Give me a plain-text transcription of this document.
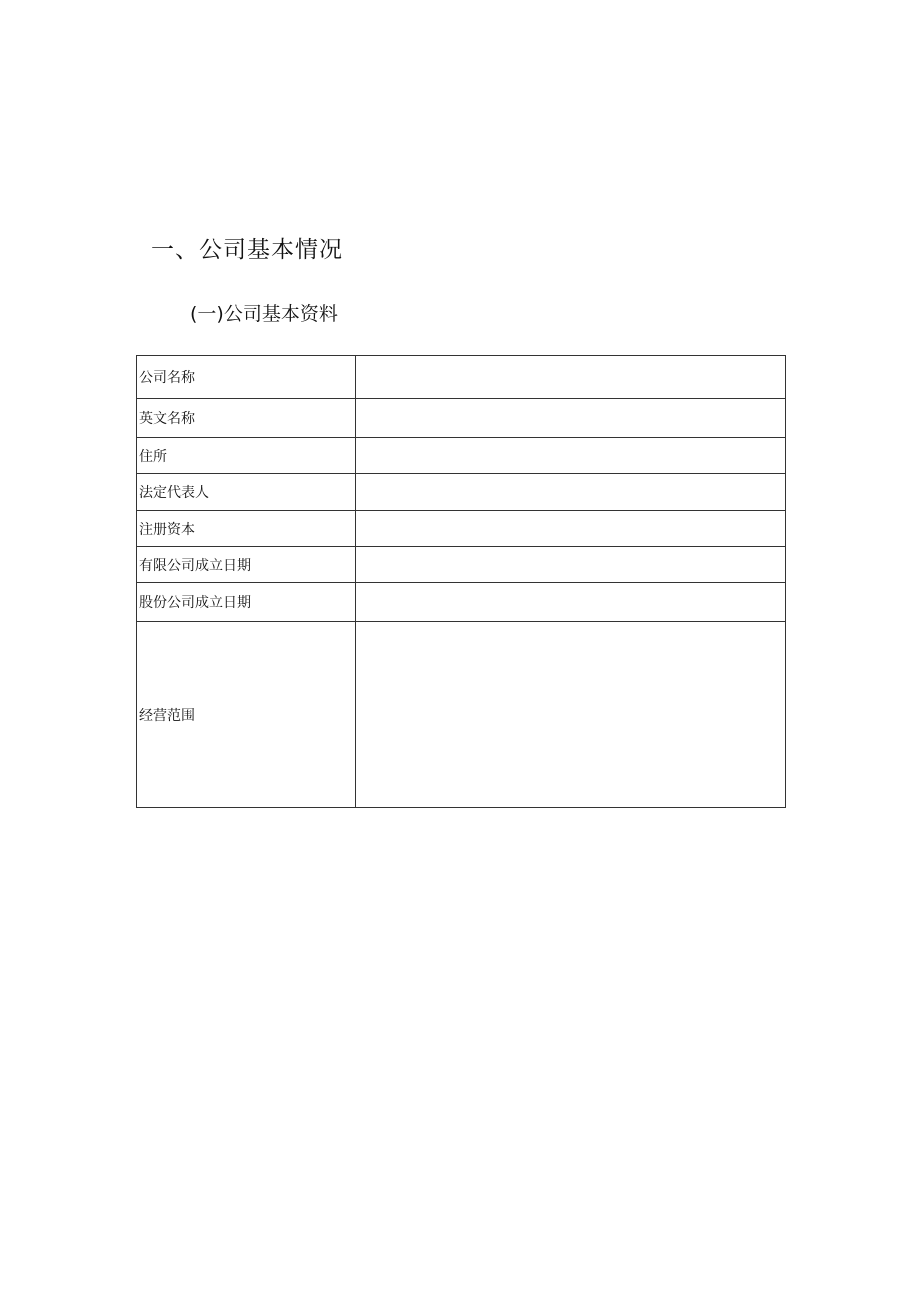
一、公司基本情况
(一)公司基本资料
公司名称	
英文名称	
住所	
法定代表人	
注册资本	
有限公司成立日期	
股份公司成立日期	
经营范围	
